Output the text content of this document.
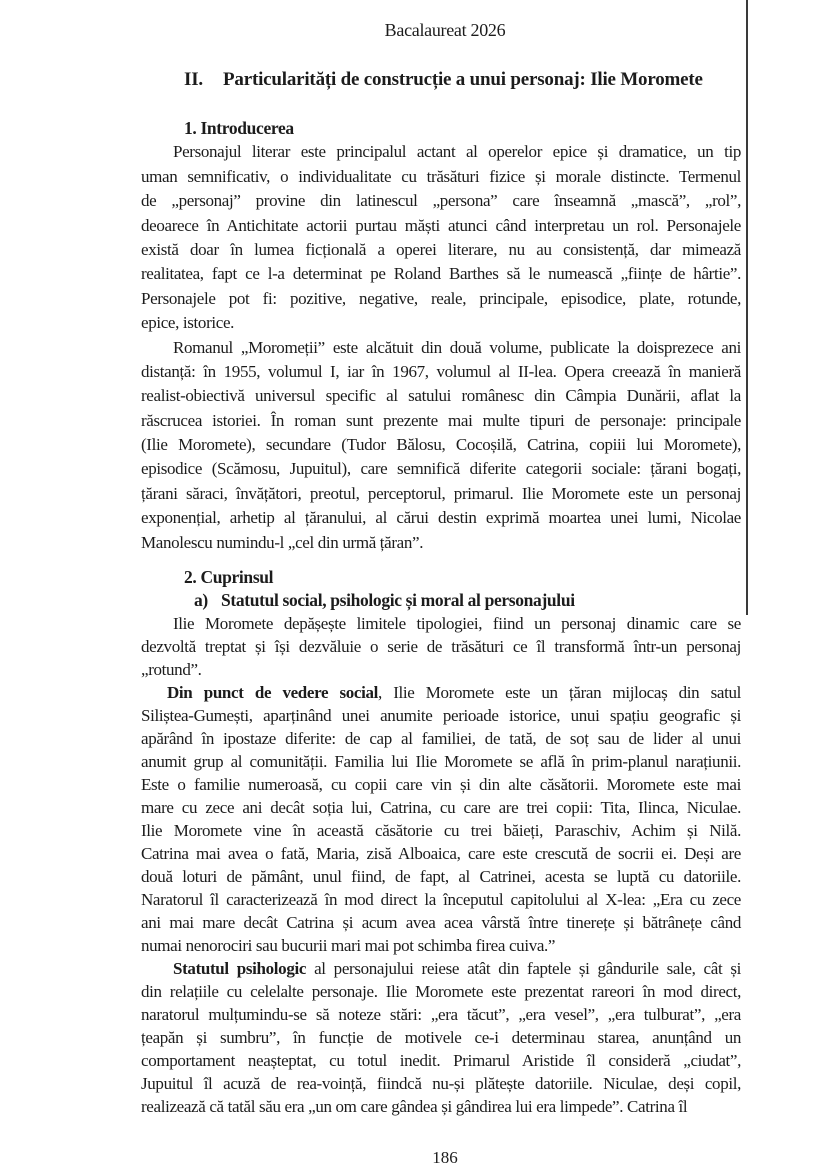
Bacalaureat 2026
II. Particularități de construcție a unui personaj: Ilie Moromete
1. Introducerea
Personajul literar este principalul actant al operelor epice și dramatice, un tip
uman semnificativ, o individualitate cu trăsături fizice și morale distincte. Termenul
de „personaj” provine din latinescul „persona” care înseamnă „mască”, „rol”,
deoarece în Antichitate actorii purtau măști atunci când interpretau un rol. Personajele
există doar în lumea ficțională a operei literare, nu au consistență, dar mimează
realitatea, fapt ce l-a determinat pe Roland Barthes să le numească „ființe de hârtie”.
Personajele pot fi: pozitive, negative, reale, principale, episodice, plate, rotunde,
epice, istorice.
Romanul „Moromeții” este alcătuit din două volume, publicate la doisprezece ani
distanță: în 1955, volumul I, iar în 1967, volumul al II-lea. Opera creează în manieră
realist-obiectivă universul specific al satului românesc din Câmpia Dunării, aflat la
răscrucea istoriei. În roman sunt prezente mai multe tipuri de personaje: principale
(Ilie Moromete), secundare (Tudor Bălosu, Cocoșilă, Catrina, copiii lui Moromete),
episodice (Scămosu, Jupuitul), care semnifică diferite categorii sociale: țărani bogați,
țărani săraci, învățători, preotul, perceptorul, primarul. Ilie Moromete este un personaj
exponențial, arhetip al țăranului, al cărui destin exprimă moartea unei lumi, Nicolae
Manolescu numindu-l „cel din urmă țăran”.
2. Cuprinsul
a) Statutul social, psihologic și moral al personajului
Ilie Moromete depășește limitele tipologiei, fiind un personaj dinamic care se
dezvoltă treptat și își dezvăluie o serie de trăsături ce îl transformă într-un personaj
„rotund”.
Din punct de vedere social, Ilie Moromete este un țăran mijlocaș din satul
Siliștea-Gumești, aparținând unei anumite perioade istorice, unui spațiu geografic și
apărând în ipostaze diferite: de cap al familiei, de tată, de soț sau de lider al unui
anumit grup al comunității. Familia lui Ilie Moromete se află în prim-planul narațiunii.
Este o familie numeroasă, cu copii care vin și din alte căsătorii. Moromete este mai
mare cu zece ani decât soția lui, Catrina, cu care are trei copii: Tita, Ilinca, Niculae.
Ilie Moromete vine în această căsătorie cu trei băieți, Paraschiv, Achim și Nilă.
Catrina mai avea o fată, Maria, zisă Alboaica, care este crescută de socrii ei. Deși are
două loturi de pământ, unul fiind, de fapt, al Catrinei, acesta se luptă cu datoriile.
Naratorul îl caracterizează în mod direct la începutul capitolului al X-lea: „Era cu zece
ani mai mare decât Catrina și acum avea acea vârstă între tinerețe și bătrânețe când
numai nenorociri sau bucurii mari mai pot schimba firea cuiva.”
Statutul psihologic al personajului reiese atât din faptele și gândurile sale, cât și
din relațiile cu celelalte personaje. Ilie Moromete este prezentat rareori în mod direct,
naratorul mulțumindu-se să noteze stări: „era tăcut”, „era vesel”, „era tulburat”, „era
țeapăn și sumbru”, în funcție de motivele ce-i determinau starea, anunțând un
comportament neașteptat, cu totul inedit. Primarul Aristide îl consideră „ciudat”,
Jupuitul îl acuză de rea-voință, fiindcă nu-și plătește datoriile. Niculae, deși copil,
realizează că tatăl său era „un om care gândea și gândirea lui era limpede”. Catrina îl
186
